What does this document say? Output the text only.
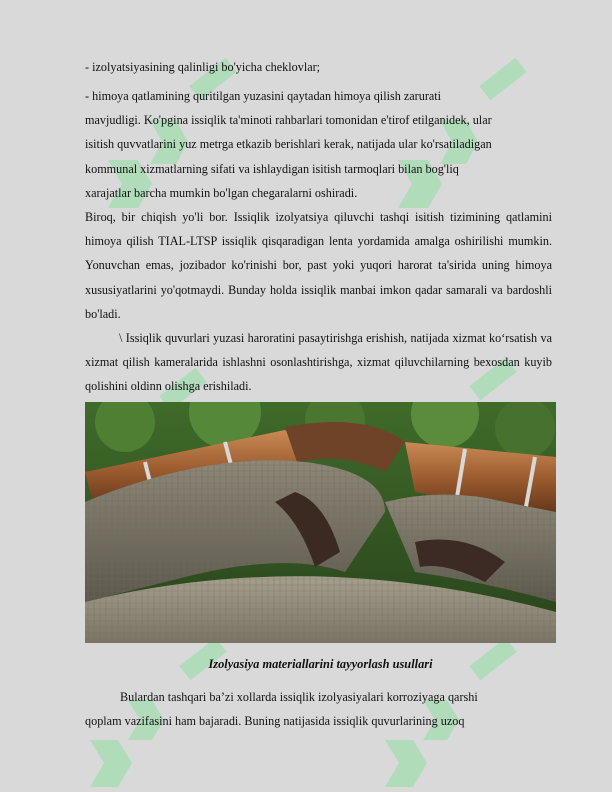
- izolyatsiyasining qalinligi bo'yicha cheklovlar;

- himoya qatlamining quritilgan yuzasini qaytadan himoya qilish zarurati
mavjudligi. Ko'pgina issiqlik ta'minoti rahbarlari tomonidan e'tirof etilganidek, ular
isitish quvvatlarini yuz metrga etkazib berishlari kerak, natijada ular ko'rsatiladigan
kommunal xizmatlarning sifati va ishlaydigan isitish tarmoqlari bilan bog'liq
xarajatlar barcha mumkin bo'lgan chegaralarni oshiradi.

Biroq, bir chiqish yo'li bor. Issiqlik izolyatsiya qiluvchi tashqi isitish tizimining qatlamini himoya qilish TIAL-LTSP issiqlik qisqaradigan lenta yordamida amalga oshirilishi mumkin. Yonuvchan emas, jozibador ko'rinishi bor, past yoki yuqori harorat ta'sirida uning himoya xususiyatlarini yo'qotmaydi. Bunday holda issiqlik manbai imkon qadar samarali va bardoshli bo'ladi.

\ Issiqlik quvurlari yuzasi haroratini pasaytirishga erishish, natijada xizmat ko‘rsatish va xizmat qilish kameralarida ishlashni osonlashtirishga, xizmat qiluvchilarning bexosdan kuyib qolishini oldinn olishga erishiladi.

Izolyasiya materiallarini tayyorlash usullari
Bulardan tashqari ba’zi xollarda issiqlik izolyasiyalari korroziyaga qarshi
qoplam vazifasini ham bajaradi. Buning natijasida issiqlik quvurlarining uzoq
